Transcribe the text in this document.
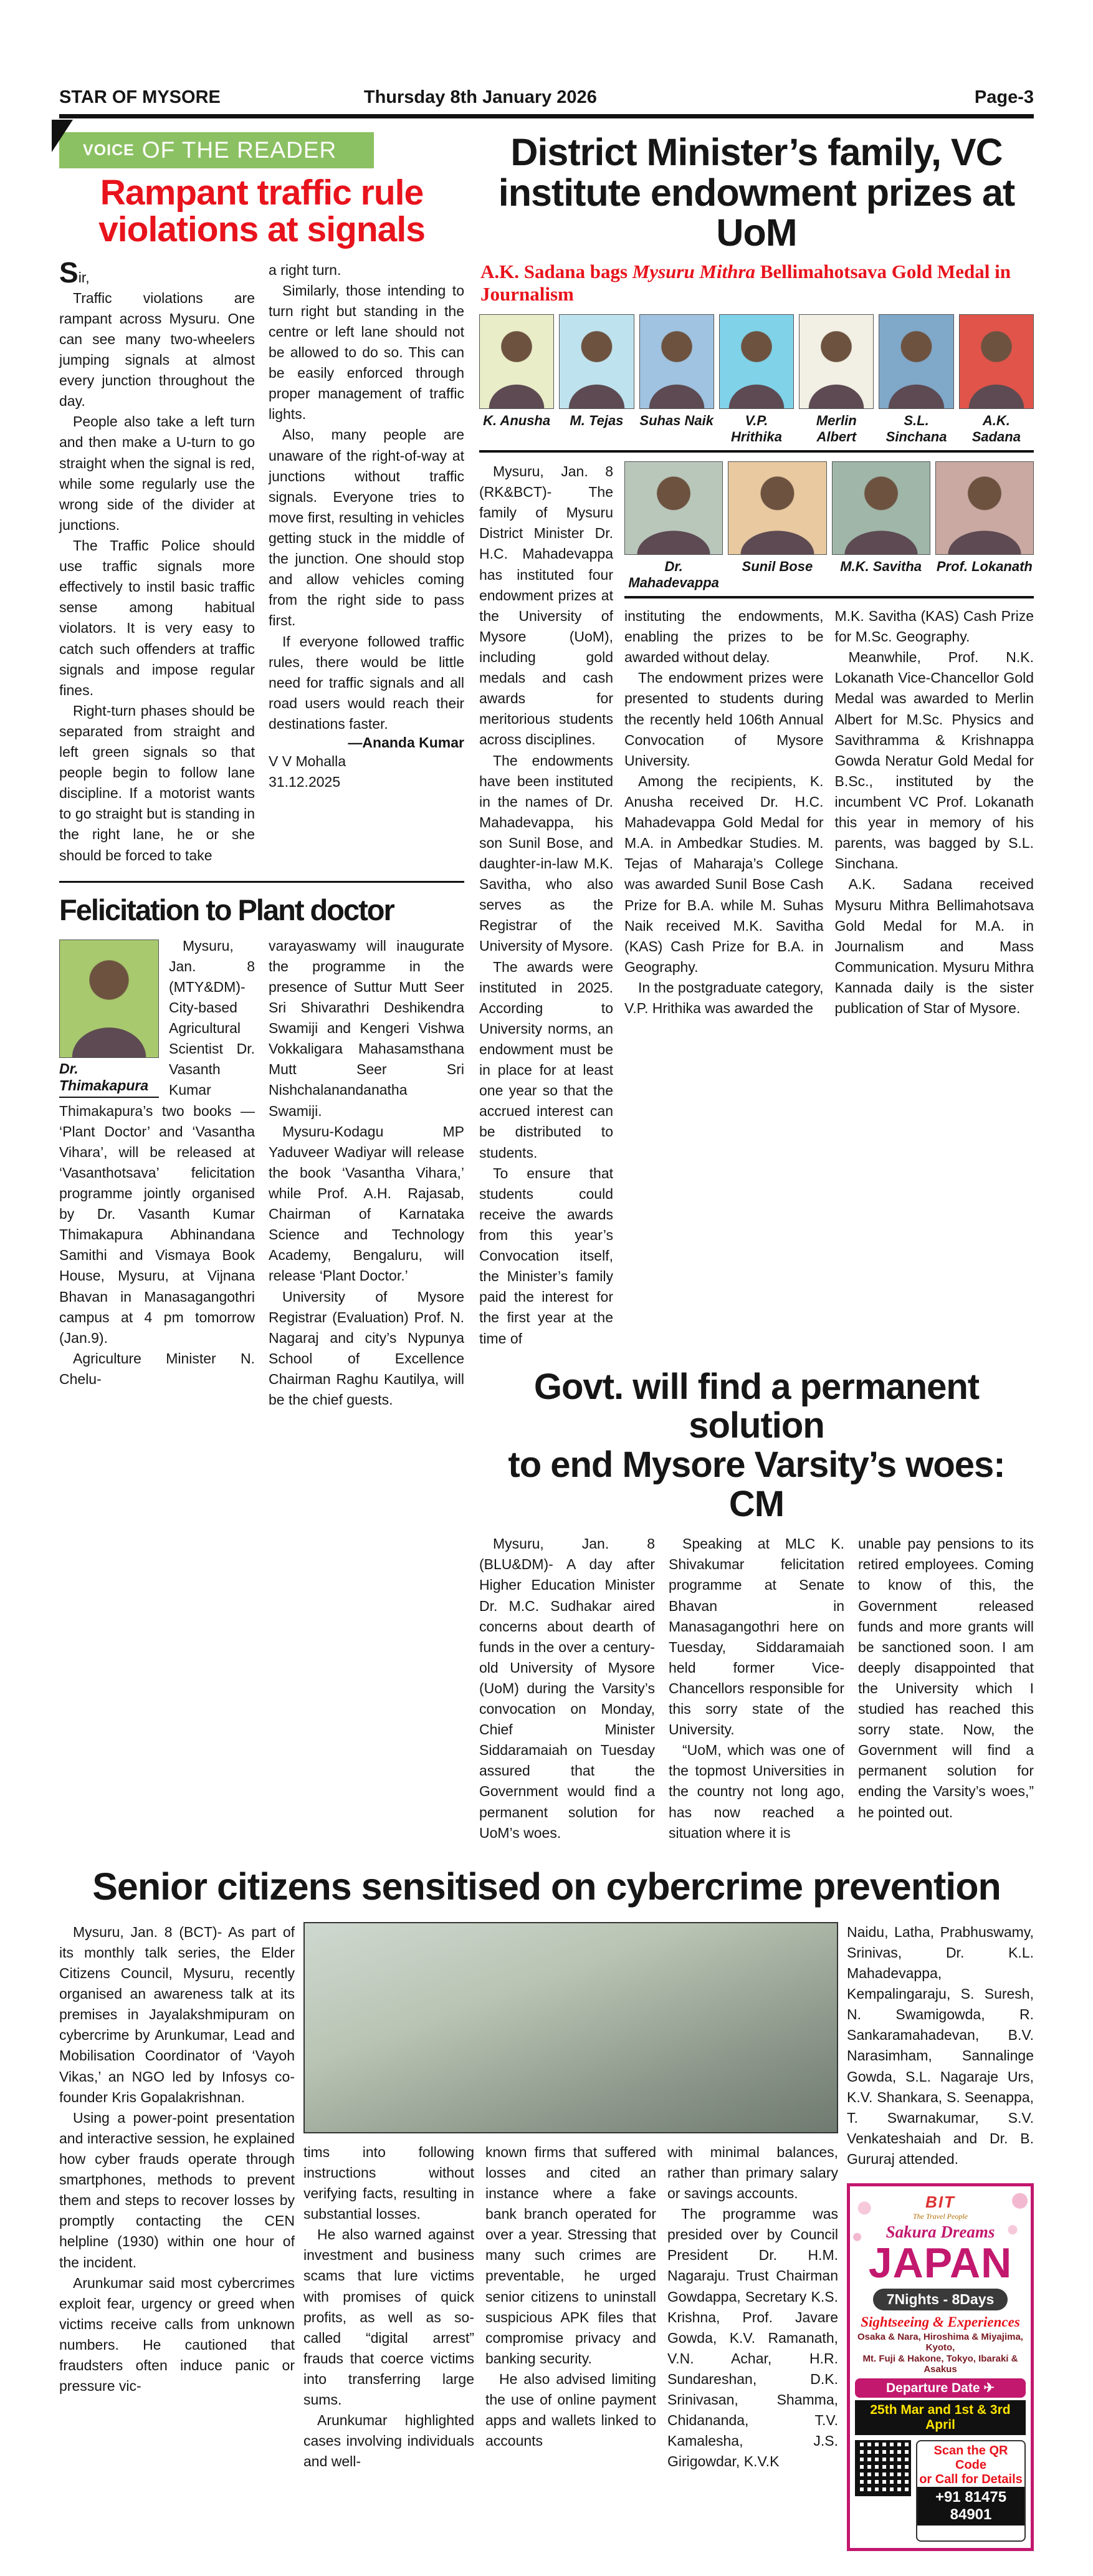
STAR OF MYSORE	Thursday 8th January 2026	Page-3
VOICE OF THE READER
Rampant traffic rule violations at signals

Sir,

Traffic violations are rampant across Mysuru. One can see many two-wheelers jumping signals at almost every junction throughout the day.

People also take a left turn and then make a U-turn to go straight when the signal is red, while some regularly use the wrong side of the divider at junctions.

The Traffic Police should use traffic signals more effectively to instil basic traffic sense among habitual violators. It is very easy to catch such offenders at traffic signals and impose regular fines.

Right-turn phases should be separated from straight and left green signals so that people begin to follow lane discipline. If a motorist wants to go straight but is standing in the right lane, he or she should be forced to take

a right turn.

Similarly, those intending to turn right but standing in the centre or left lane should not be allowed to do so. This can be easily enforced through proper management of traffic lights.

Also, many people are unaware of the right-of-way at junctions without traffic signals. Everyone tries to move first, resulting in vehicles getting stuck in the middle of the junction. One should stop and allow vehicles coming from the right side to pass first.

If everyone followed traffic rules, there would be little need for traffic signals and all road users would reach their destinations faster.

—Ananda Kumar

V V Mohalla

31.12.2025

Felicitation to Plant doctor
Dr. Thimakapura

Mysuru, Jan. 8 (MTY&DM)- City-based Agricultural Scientist Dr. Vasanth Kumar Thimakapura’s two books — ‘Plant Doctor’ and ‘Vasantha Vihara’, will be released at ‘Vasanthotsava’ felicitation programme jointly organised by Dr. Vasanth Kumar Thimakapura Abhinandana Samithi and Vismaya Book House, Mysuru, at Vijnana Bhavan in Manasagangothri campus at 4 pm tomorrow (Jan.9).

Agriculture Minister N. Chelu-

varayaswamy will inaugurate the programme in the presence of Suttur Mutt Seer Sri Shivarathri Deshikendra Swamiji and Kengeri Vishwa Vokkaligara Mahasamsthana Mutt Seer Sri Nishchalanandanatha Swamiji.

Mysuru-Kodagu MP Yaduveer Wadiyar will release the book ‘Vasantha Vihara,’ while Prof. A.H. Rajasab, Chairman of Karnataka Science and Technology Academy, Bengaluru, will release ‘Plant Doctor.’

University of Mysore Registrar (Evaluation) Prof. N. Nagaraj and city’s Nypunya School of Excellence Chairman Raghu Kautilya, will be the chief guests.

District Minister’s family, VC
institute endowment prizes at UoM
A.K. Sadana bags Mysuru Mithra Bellimahotsava Gold Medal in Journalism
K. Anusha	M. Tejas	Suhas Naik	V.P. Hrithika
Merlin Albert
S.L. Sinchana
A.K. Sadana

Mysuru, Jan. 8 (RK&BCT)- The family of Mysuru District Minister Dr. H.C. Mahadevappa has instituted four endowment prizes at the University of Mysore (UoM), including gold medals and cash awards for meritorious students across disciplines.

The endowments have been instituted in the names of Dr. Mahadevappa, his son Sunil Bose, and daughter-in-law M.K. Savitha, who also serves as the Registrar of the University of Mysore.

The awards were instituted in 2025. According to University norms, an endowment must be in place for at least one year so that the accrued interest can be distributed to students.

To ensure that students could receive the awards from this year’s Convocation itself, the Minister’s family paid the interest for the first year at the time of

Dr. Mahadevappa
Sunil Bose	M.K. Savitha	Prof. Lokanath

instituting the endowments, enabling the prizes to be awarded without delay.

The endowment prizes were presented to students during the recently held 106th Annual Convocation of Mysore University.

Among the recipients, K. Anusha received Dr. H.C. Mahadevappa Gold Medal for M.A. in Ambedkar Studies. M. Tejas of Maharaja’s College was awarded Sunil Bose Cash Prize for B.A. while M. Suhas Naik received M.K. Savitha (KAS) Cash Prize for B.A. in Geography.

In the postgraduate category, V.P. Hrithika was awarded the

M.K. Savitha (KAS) Cash Prize for M.Sc. Geography.

Meanwhile, Prof. N.K. Lokanath Vice-Chancellor Gold Medal was awarded to Merlin Albert for M.Sc. Physics and Savithramma & Krishnappa Gowda Neratur Gold Medal for B.Sc., instituted by the incumbent VC Prof. Lokanath this year in memory of his parents, was bagged by S.L. Sinchana.

A.K. Sadana received Mysuru Mithra Bellimahotsava Gold Medal for M.A. in Journalism and Mass Communication. Mysuru Mithra Kannada daily is the sister publication of Star of Mysore.

Govt. will find a permanent solution
to end Mysore Varsity’s woes: CM

Mysuru, Jan. 8 (BLU&DM)- A day after Higher Education Minister Dr. M.C. Sudhakar aired concerns about dearth of funds in the over a century-old University of Mysore (UoM) during the Varsity’s convocation on Monday, Chief Minister Siddaramaiah on Tuesday assured that the Government would find a permanent solution for UoM’s woes.

Speaking at MLC K. Shivakumar felicitation programme at Senate Bhavan in Manasagangothri here on Tuesday, Siddaramaiah held former Vice-Chancellors responsible for this sorry state of the University.

“UoM, which was one of the topmost Universities in the country not long ago, has now reached a situation where it is

unable pay pensions to its retired employees. Coming to know of this, the Government released funds and more grants will be sanctioned soon. I am deeply disappointed that the University which I studied has reached this sorry state. Now, the Government will find a permanent solution for ending the Varsity’s woes,” he pointed out.

Senior citizens sensitised on cybercrime prevention

Mysuru, Jan. 8 (BCT)- As part of its monthly talk series, the Elder Citizens Council, Mysuru, recently organised an awareness talk at its premises in Jayalakshmipuram on cybercrime by Arunkumar, Lead and Mobilisation Coordinator of ‘Vayoh Vikas,’ an NGO led by Infosys co-founder Kris Gopalakrishnan.

Using a power-point presentation and interactive session, he explained how cyber frauds operate through smartphones, methods to prevent them and steps to recover losses by promptly contacting the CEN helpline (1930) within one hour of the incident.

Arunkumar said most cybercrimes exploit fear, urgency or greed when victims receive calls from unknown numbers. He cautioned that fraudsters often induce panic or pressure vic-

tims into following instructions without verifying facts, resulting in substantial losses.

He also warned against investment and business scams that lure victims with promises of quick profits, as well as so-called “digital arrest” frauds that coerce victims into transferring large sums.

Arunkumar highlighted cases involving individuals and well-

known firms that suffered losses and cited an instance where a fake bank branch operated for over a year. Stressing that many such crimes are preventable, he urged senior citizens to uninstall suspicious APK files that compromise privacy and banking security.

He also advised limiting the use of online payment apps and wallets linked to accounts

with minimal balances, rather than primary salary or savings accounts.

The programme was presided over by Council President Dr. H.M. Nagaraju. Trust Chairman Gowdappa, Secretary K.S. Krishna, Prof. Javare Gowda, K.V. Ramanath, V.N. Achar, H.R. Sundareshan, D.K. Srinivasan, Shamma, Chidananda, T.V. Kamalesha, J.S. Girigowdar, K.V.K

Naidu, Latha, Prabhuswamy, Srinivas, Dr. K.L. Mahadevappa, Kempalingaraju, S. Suresh, N. Swamigowda, R. Sankaramahadevan, B.V. Narasimham, Sannalinge Gowda, S.L. Nagaraje Urs, K.V. Shankara, S. Seenappa, T. Swarnakumar, S.V. Venkateshaiah and Dr. B. Gururaj attended.

BIT

The Travel People

Sakura Dreams

JAPAN

7Nights - 8Days

Sightseeing & Experiences

Osaka & Nara, Hiroshima & Miyajima, Kyoto,

Mt. Fuji & Hakone, Tokyo, Ibaraki & Asakus

Departure Date ✈

25th Mar and 1st & 3rd April

Scan the QR Code

or Call for Details

+91 81475 84901
